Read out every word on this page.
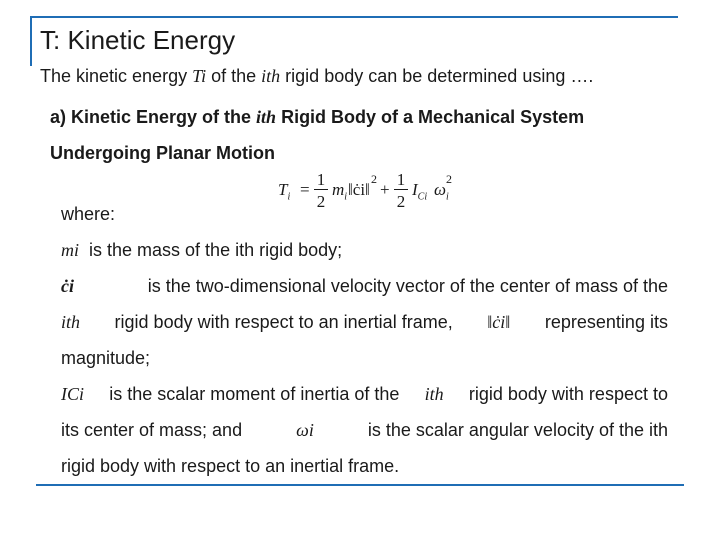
T: Kinetic Energy
The kinetic energy Ti of the ith rigid body can be determined using ….
a) Kinetic Energy of the ith Rigid Body of a Mechanical System
Undergoing Planar Motion
$T_i$ =
1
2
$m_i$ ‖ċi‖
2
+
1
2
$I_{Ci}$ $\omega_i$
2
where:
mi is the mass of the ith rigid body;
ċi	is the two-dimensional velocity vector of the center of mass of the
ith rigid body with respect to an inertial frame, ‖ċi‖ representing its
magnitude;
ICi is the scalar moment of inertia of the ith rigid body with respect to
its center of mass; and	ωi	is the scalar angular velocity of the ith
rigid body with respect to an inertial frame.
